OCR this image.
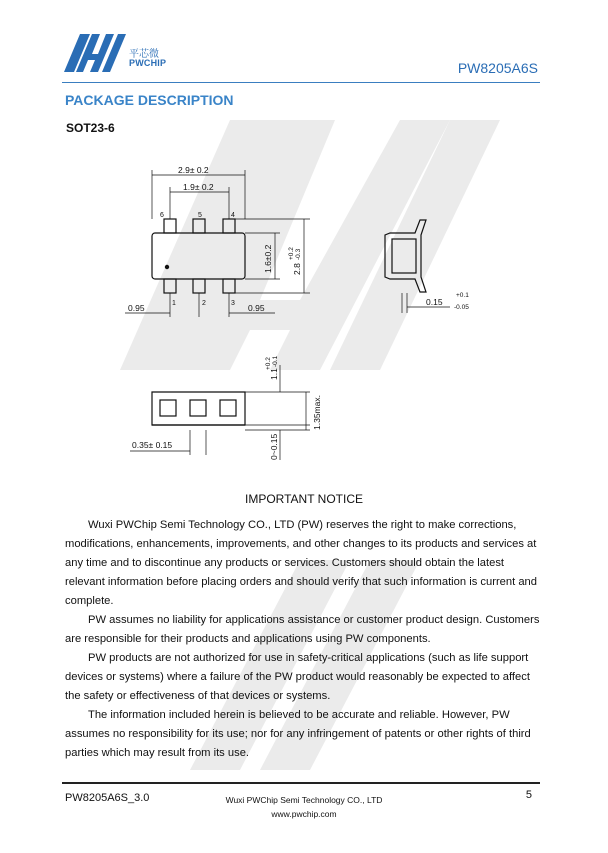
平芯微
PWCHIP	PW8205A6S
PACKAGE DESCRIPTION
SOT23-6
2.9± 0.2
1.9± 0.2
6	5	4
1	2	3
0.95	0.95
1.6±0.2 2.8
+0.2 -0.3
0.15
+0.1
-0.05
1.1
+0.2 -0.1
1.35max.
0~0.15
0.35± 0.15
IMPORTANT NOTICE

Wuxi PWChip Semi Technology CO., LTD (PW) reserves the right to make corrections, modifications, enhancements, improvements, and other changes to its products and services at any time and to discontinue any products or services. Customers should obtain the latest relevant information before placing orders and should verify that such information is current and complete.

PW assumes no liability for applications assistance or customer product design. Customers are responsible for their products and applications using PW components.

PW products are not authorized for use in safety-critical applications (such as life support devices or systems) where a failure of the PW product would reasonably be expected to affect the safety or effectiveness of that devices or systems.

The information included herein is believed to be accurate and reliable. However, PW assumes no responsibility for its use; nor for any infringement of patents or other rights of third parties which may result from its use.

PW8205A6S_3.0	Wuxi PWChip Semi Technology CO., LTD
www.pwchip.com
5
